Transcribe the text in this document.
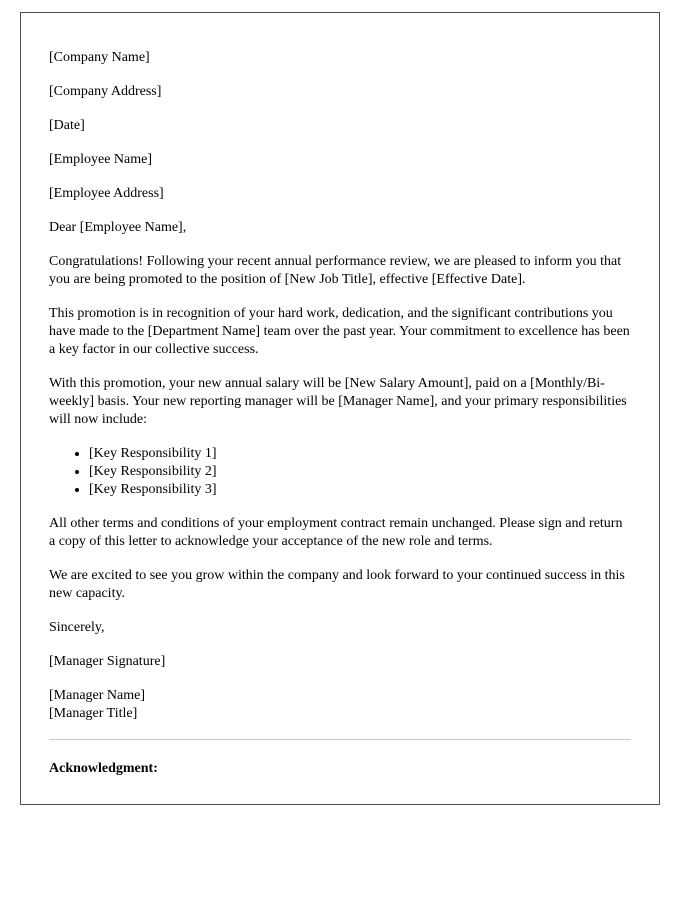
[Company Name]

[Company Address]

[Date]

[Employee Name]

[Employee Address]

Dear [Employee Name],

Congratulations! Following your recent annual performance review, we are pleased to inform you that you are being promoted to the position of [New Job Title], effective [Effective Date].

This promotion is in recognition of your hard work, dedication, and the significant contributions you have made to the [Department Name] team over the past year. Your commitment to excellence has been a key factor in our collective success.

With this promotion, your new annual salary will be [New Salary Amount], paid on a [Monthly/Bi-weekly] basis. Your new reporting manager will be [Manager Name], and your primary responsibilities will now include:

• [Key Responsibility 1]
• [Key Responsibility 2]
• [Key Responsibility 3]

All other terms and conditions of your employment contract remain unchanged. Please sign and return a copy of this letter to acknowledge your acceptance of the new role and terms.

We are excited to see you grow within the company and look forward to your continued success in this new capacity.

Sincerely,

[Manager Signature]

[Manager Name]
[Manager Title]

Acknowledgment:
